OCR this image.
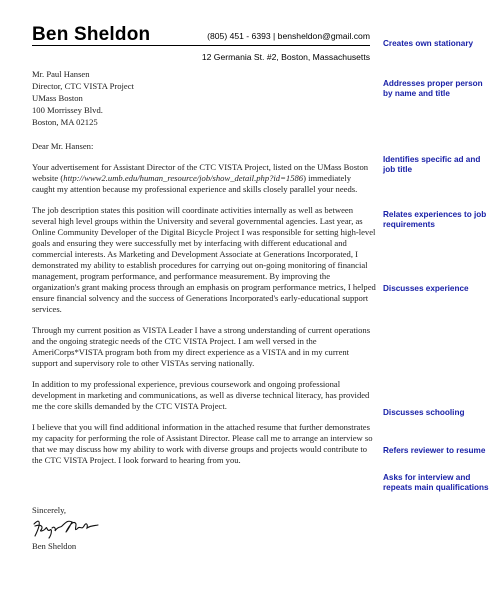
Ben Sheldon	(805) 451 - 6393 | bensheldon@gmail.com
12 Germania St. #2, Boston, Massachusetts
Mr. Paul Hansen
Director, CTC VISTA Project
UMass Boston
100 Morrissey Blvd.
Boston, MA 02125

Dear Mr. Hansen:

Your advertisement for Assistant Director of the CTC VISTA Project, listed on the UMass Boston website (http://www2.umb.edu/human_resource/job/show_detail.php?id=1586) immediately caught my attention because my professional experience and skills closely parallel your needs.

The job description states this position will coordinate activities internally as well as between several high level groups within the University and several governmental agencies. Last year, as Online Community Developer of the Digital Bicycle Project I was responsible for setting high-level goals and ensuring they were successfully met by interfacing with different educational and commercial interests. As Marketing and Development Associate at Generations Incorporated, I demonstrated my ability to establish procedures for carrying out on-going monitoring of financial management, program performance, and performance measurement. By improving the organization's grant making process through an emphasis on program performance metrics, I helped ensure financial solvency and the success of Generations Incorporated's early-educational support services.

Through my current position as VISTA Leader I have a strong understanding of current operations and the ongoing strategic needs of the CTC VISTA Project. I am well versed in the AmeriCorps*VISTA program both from my direct experience as a VISTA and in my current support and supervisory role to other VISTAs serving nationally.

In addition to my professional experience, previous coursework and ongoing professional development in marketing and communications, as well as diverse technical literacy, has provided me the core skills demanded by the CTC VISTA Project.

I believe that you will find additional information in the attached resume that further demonstrates my capacity for performing the role of Assistant Director. Please call me to arrange an interview so that we may discuss how my ability to work with diverse groups and projects would contribute to the CTC VISTA Project. I look forward to hearing from you.

Sincerely,
Ben Sheldon
Creates own stationary
Addresses proper person by name and title
Identifies specific ad and job title
Relates experiences to job requirements
Discusses experience
Discusses schooling
Refers reviewer to resume
Asks for interview and repeats main qualifications
